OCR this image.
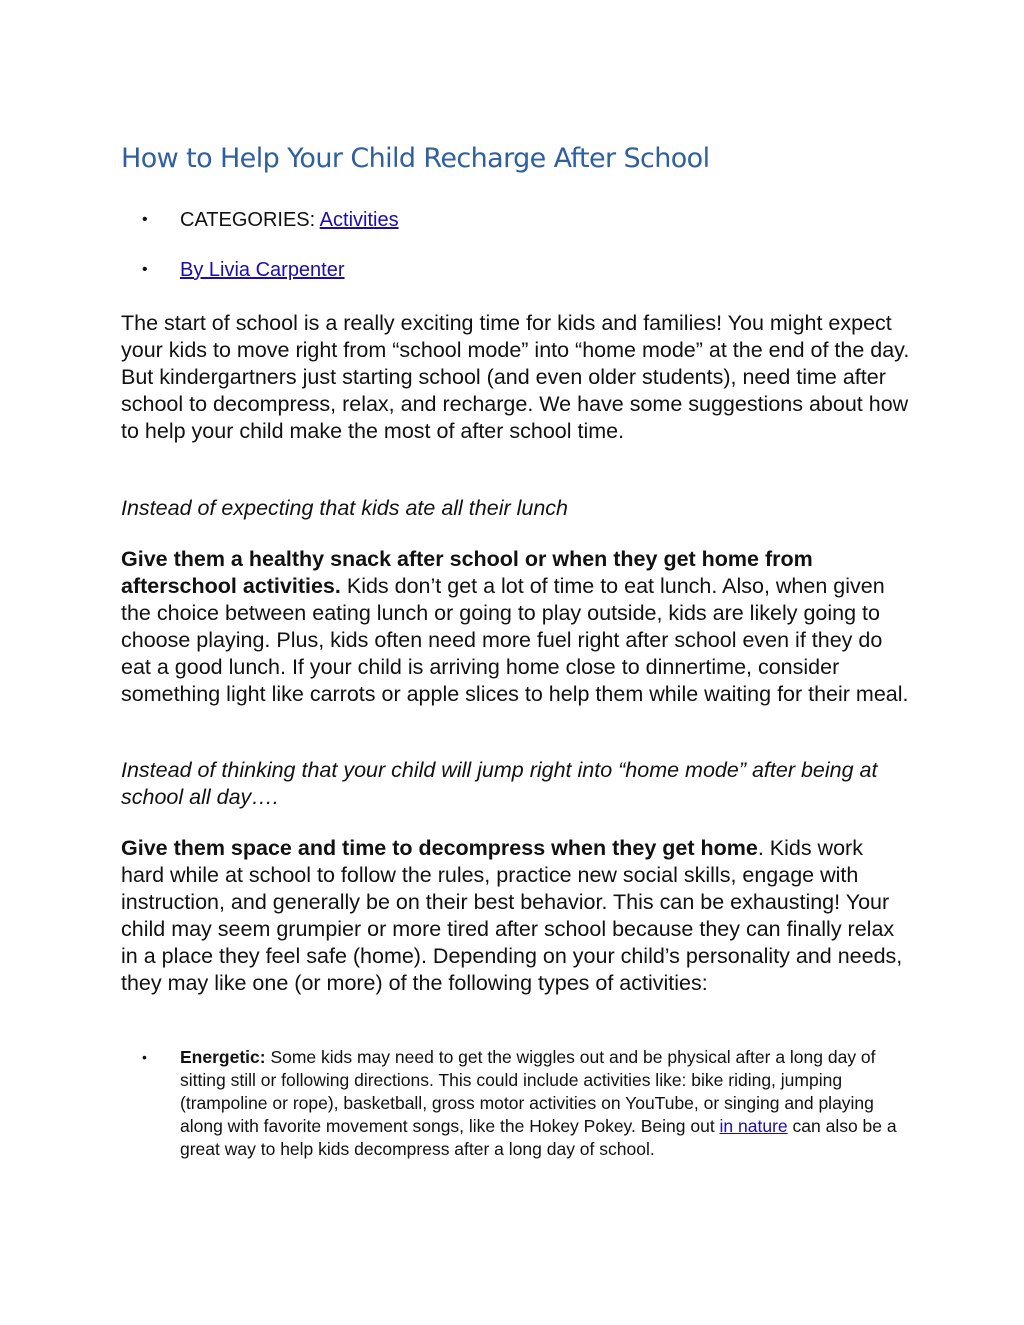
How to Help Your Child Recharge After School
• CATEGORIES: Activities
• By Livia Carpenter

The start of school is a really exciting time for kids and families! You might expect your kids to move right from “school mode” into “home mode” at the end of the day. But kindergartners just starting school (and even older students), need time after school to decompress, relax, and recharge. We have some suggestions about how to help your child make the most of after school time.

Instead of expecting that kids ate all their lunch

Give them a healthy snack after school or when they get home from afterschool activities. Kids don’t get a lot of time to eat lunch. Also, when given the choice between eating lunch or going to play outside, kids are likely going to choose playing. Plus, kids often need more fuel right after school even if they do eat a good lunch. If your child is arriving home close to dinnertime, consider something light like carrots or apple slices to help them while waiting for their meal.

Instead of thinking that your child will jump right into “home mode” after being at school all day….

Give them space and time to decompress when they get home. Kids work hard while at school to follow the rules, practice new social skills, engage with instruction, and generally be on their best behavior. This can be exhausting! Your child may seem grumpier or more tired after school because they can finally relax in a place they feel safe (home). Depending on your child’s personality and needs, they may like one (or more) of the following types of activities:

• Energetic: Some kids may need to get the wiggles out and be physical after a long day of sitting still or following directions. This could include activities like: bike riding, jumping (trampoline or rope), basketball, gross motor activities on YouTube, or singing and playing along with favorite movement songs, like the Hokey Pokey. Being out in nature can also be a great way to help kids decompress after a long day of school.
